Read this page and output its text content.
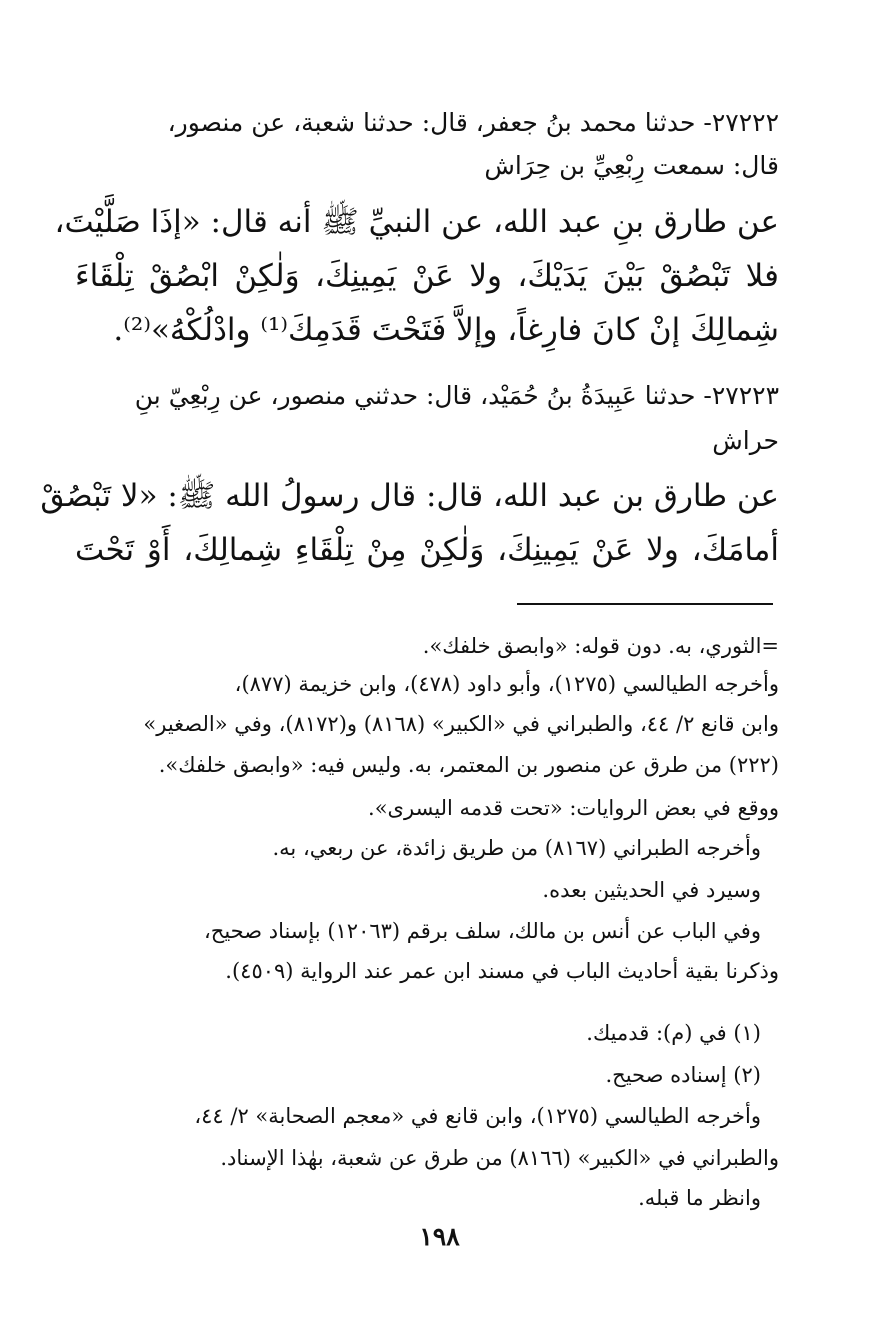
٢٧٢٢٢- حدثنا محمد بنُ جعفر، قال: حدثنا شعبة، عن منصور،

قال: سمعت رِبْعِيِّ بن حِرَاش

عن طارق بنِ عبد الله، عن النبيِّ ﷺ أنه قال: «إذَا صَلَّيْتَ،

فلا تَبْصُقْ بَيْنَ يَدَيْكَ، ولا عَنْ يَمِينِكَ، وَلٰكِنْ ابْصُقْ تِلْقَاءَ

شِمالِكَ إنْ كانَ فارِغاً، وإلاَّ فَتَحْتَ قَدَمِكَ⁽¹⁾ وادْلُكْهُ»⁽²⁾.

٢٧٢٢٣- حدثنا عَبِيدَةُ بنُ حُمَيْد، قال: حدثني منصور، عن رِبْعِيّ بنِ

حراش

عن طارق بن عبد الله، قال: قال رسولُ الله ﷺ: «لا تَبْصُقْ

أمامَكَ، ولا عَنْ يَمِينِكَ، وَلٰكِنْ مِنْ تِلْقَاءِ شِمالِكَ، أَوْ تَحْتَ

=الثوري، به. دون قوله: «وابصق خلفك».

وأخرجه الطيالسي (١٢٧٥)، وأبو داود (٤٧٨)، وابن خزيمة (٨٧٧)،

وابن قانع ٢/ ٤٤، والطبراني في «الكبير» (٨١٦٨) و(٨١٧٢)، وفي «الصغير»

(٢٢٢) من طرق عن منصور بن المعتمر، به. وليس فيه: «وابصق خلفك».

ووقع في بعض الروايات: «تحت قدمه اليسرى».

وأخرجه الطبراني (٨١٦٧) من طريق زائدة، عن ربعي، به.

وسيرد في الحديثين بعده.

وفي الباب عن أنس بن مالك، سلف برقم (١٢٠٦٣) بإسناد صحيح،

وذكرنا بقية أحاديث الباب في مسند ابن عمر عند الرواية (٤٥٠٩).

(١) في (م): قدميك.

(٢) إسناده صحيح.

وأخرجه الطيالسي (١٢٧٥)، وابن قانع في «معجم الصحابة» ٢/ ٤٤،

والطبراني في «الكبير» (٨١٦٦) من طرق عن شعبة، بهٰذا الإسناد.

وانظر ما قبله.

١٩٨
